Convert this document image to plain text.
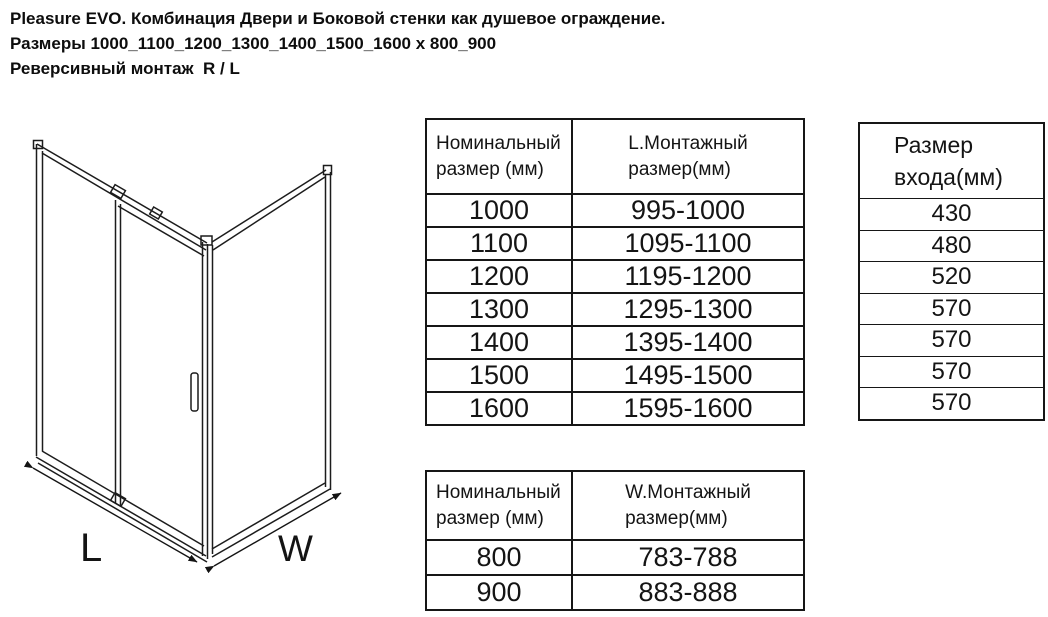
Pleasure EVO. Комбинация Двери и Боковой стенки как душевое ограждение.
Размеры 1000_1100_1200_1300_1400_1500_1600 x 800_900
Реверсивный монтаж  R / L
L	W
Номинальный
размер (мм)
L.Монтажный
размер(мм)
1000	995-1000
1100	1095-1100
1200	1195-1200
1300	1295-1300
1400	1395-1400
1500	1495-1500
1600	1595-1600
Размер
входа(мм)
430
480
520
570
570
570
570
Номинальный
размер (мм)
W.Монтажный
размер(мм)
800	783-788
900	883-888
